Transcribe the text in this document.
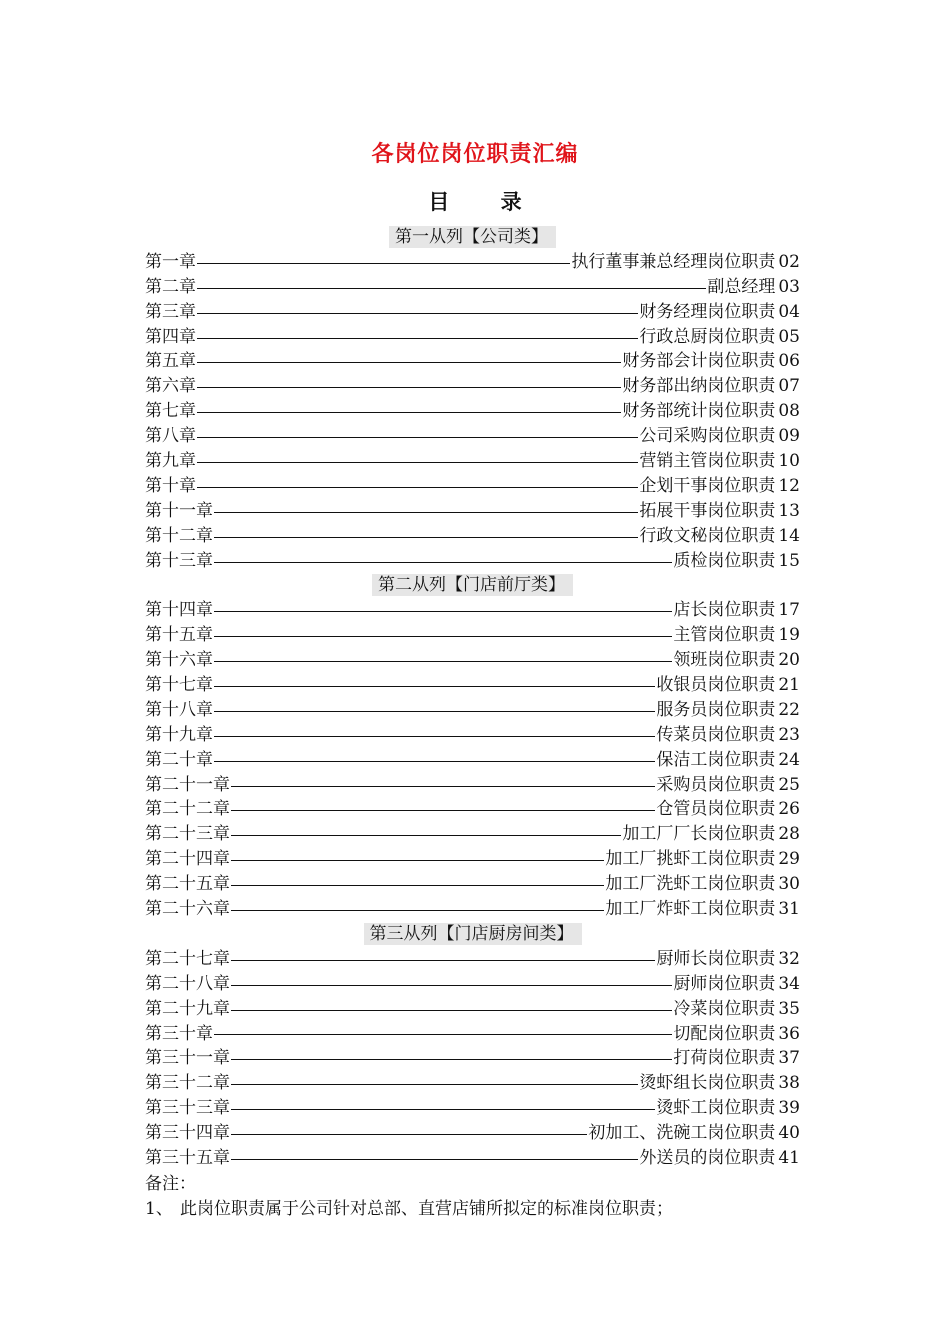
各岗位岗位职责汇编
目 录
第一从列【公司类】
第一章	执行董事兼总经理岗位职责 02
第二章	副总经理 03
第三章	财务经理岗位职责 04
第四章	行政总厨岗位职责 05
第五章	财务部会计岗位职责 06
第六章	财务部出纳岗位职责 07
第七章	财务部统计岗位职责 08
第八章	公司采购岗位职责 09
第九章	营销主管岗位职责 10
第十章	企划干事岗位职责 12
第十一章	拓展干事岗位职责 13
第十二章	行政文秘岗位职责 14
第十三章	质检岗位职责 15
第二从列【门店前厅类】
第十四章	店长岗位职责 17
第十五章	主管岗位职责 19
第十六章	领班岗位职责 20
第十七章	收银员岗位职责 21
第十八章	服务员岗位职责 22
第十九章	传菜员岗位职责 23
第二十章	保洁工岗位职责 24
第二十一章	采购员岗位职责 25
第二十二章	仓管员岗位职责 26
第二十三章	加工厂厂长岗位职责 28
第二十四章	加工厂挑虾工岗位职责 29
第二十五章	加工厂洗虾工岗位职责 30
第二十六章	加工厂炸虾工岗位职责 31
第三从列【门店厨房间类】
第二十七章	厨师长岗位职责 32
第二十八章	厨师岗位职责 34
第二十九章	冷菜岗位职责 35
第三十章	切配岗位职责 36
第三十一章	打荷岗位职责 37
第三十二章	烫虾组长岗位职责 38
第三十三章	烫虾工岗位职责 39
第三十四章	初加工、洗碗工岗位职责 40
第三十五章	外送员的岗位职责 41
备注：
1、 此岗位职责属于公司针对总部、直营店铺所拟定的标准岗位职责；
